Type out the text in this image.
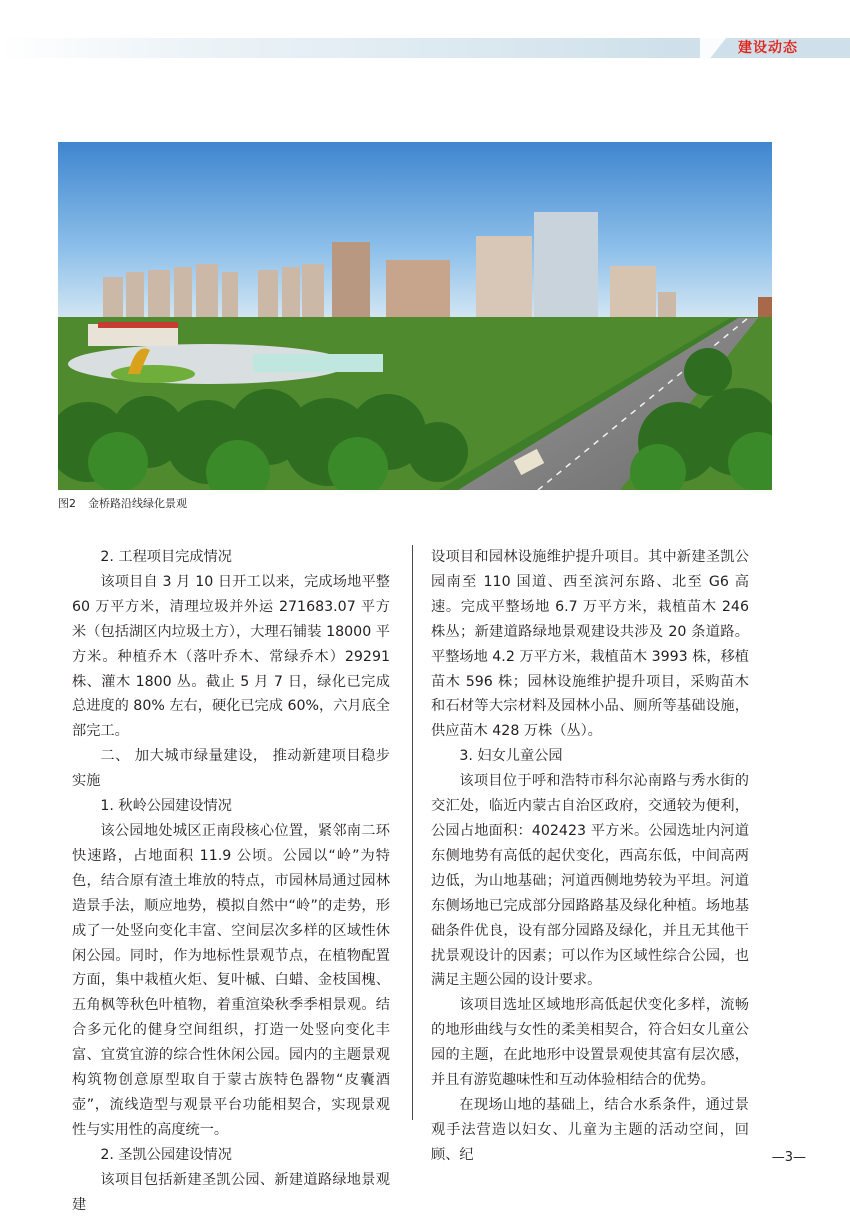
建设动态
图2 金桥路沿线绿化景观

2. 工程项目完成情况

该项目自 3 月 10 日开工以来，完成场地平整 60 万平方米，清理垃圾并外运 271683.07 平方米（包括湖区内垃圾土方），大理石铺装 18000 平方米。种植乔木（落叶乔木、常绿乔木）29291 株、灌木 1800 丛。截止 5 月 7 日，绿化已完成总进度的 80% 左右，硬化已完成 60%，六月底全部完工。

二、 加大城市绿量建设， 推动新建项目稳步实施

1. 秋岭公园建设情况

该公园地处城区正南段核心位置，紧邻南二环快速路，占地面积 11.9 公顷。公园以“岭”为特色，结合原有渣土堆放的特点，市园林局通过园林造景手法，顺应地势，模拟自然中“岭”的走势，形成了一处竖向变化丰富、空间层次多样的区域性休闲公园。同时，作为地标性景观节点，在植物配置方面，集中栽植火炬、复叶槭、白蜡、金枝国槐、五角枫等秋色叶植物，着重渲染秋季季相景观。结合多元化的健身空间组织，打造一处竖向变化丰富、宜赏宜游的综合性休闲公园。园内的主题景观构筑物创意原型取自于蒙古族特色器物“皮囊酒壶”，流线造型与观景平台功能相契合，实现景观性与实用性的高度统一。

2. 圣凯公园建设情况

该项目包括新建圣凯公园、新建道路绿地景观建

设项目和园林设施维护提升项目。其中新建圣凯公园南至 110 国道、西至滨河东路、北至 G6 高速。完成平整场地 6.7 万平方米，栽植苗木 246 株丛；新建道路绿地景观建设共涉及 20 条道路。平整场地 4.2 万平方米，栽植苗木 3993 株，移植苗木 596 株；园林设施维护提升项目，采购苗木和石材等大宗材料及园林小品、厕所等基础设施，供应苗木 428 万株（丛）。

3. 妇女儿童公园

该项目位于呼和浩特市科尔沁南路与秀水街的交汇处，临近内蒙古自治区政府，交通较为便利，公园占地面积：402423 平方米。公园选址内河道东侧地势有高低的起伏变化，西高东低，中间高两边低，为山地基础；河道西侧地势较为平坦。河道东侧场地已完成部分园路路基及绿化种植。场地基础条件优良，设有部分园路及绿化，并且无其他干扰景观设计的因素；可以作为区域性综合公园，也满足主题公园的设计要求。

该项目选址区域地形高低起伏变化多样，流畅的地形曲线与女性的柔美相契合，符合妇女儿童公园的主题，在此地形中设置景观使其富有层次感，并且有游览趣味性和互动体验相结合的优势。

在现场山地的基础上，结合水系条件，通过景观手法营造以妇女、儿童为主题的活动空间，回顾、纪	—3—
